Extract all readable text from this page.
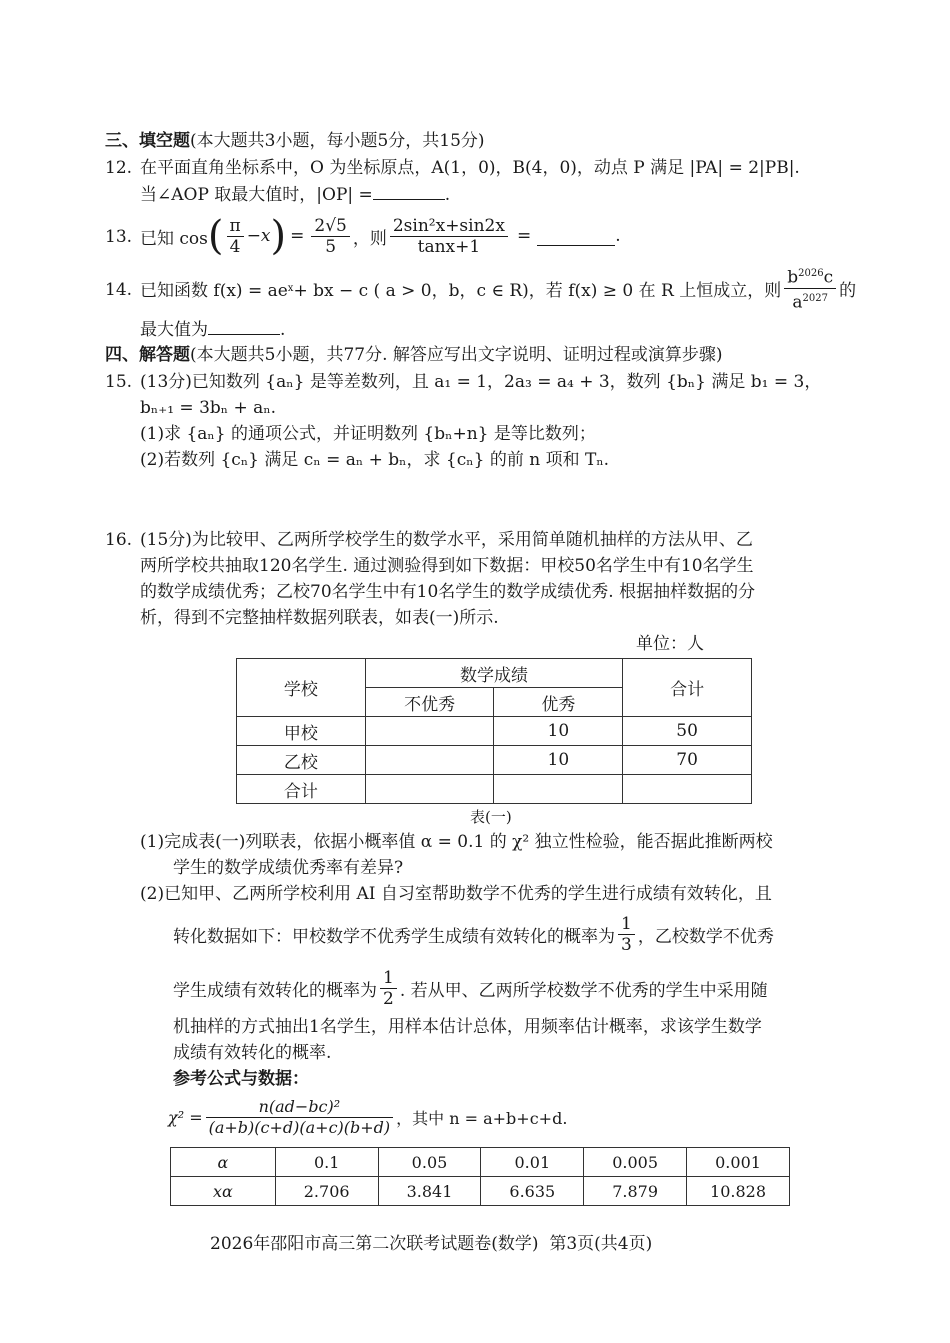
三、填空题(本大题共3小题，每小题5分，共15分)
12. 在平面直角坐标系中，O 为坐标原点，A(1，0)，B(4，0)，动点 P 满足 |PA| = 2|PB|.
当∠AOP 取最大值时，|OP| =	.
13. 已知 cos ( $\frac{\pi}{4} -x$ ) = $\frac{2√5}{5}$ ，则 $\frac{\text{2sin²x+sin2x}}{\tan x+1}$ =	.
14. 已知函数 f(x) = ae x + bx − c ( a > 0，b，c ∈ R)，若 f(x) ≥ 0 在 R 上恒成立，则 $\frac{b^{2026}c}{a^{2027}}$ 的
最大值为	.
四、解答题(本大题共5小题，共77分. 解答应写出文字说明、证明过程或演算步骤)
15. (13分)已知数列 {aₙ} 是等差数列，且 a₁ = 1，2a₃ = a₄ + 3，数列 {bₙ} 满足 b₁ = 3，
bₙ₊₁ = 3bₙ + aₙ.
(1)求 {aₙ} 的通项公式，并证明数列 {bₙ+n} 是等比数列；
(2)若数列 {cₙ} 满足 cₙ = aₙ + bₙ，求 {cₙ} 的前 n 项和 Tₙ.
16. (15分)为比较甲、乙两所学校学生的数学水平，采用简单随机抽样的方法从甲、乙
两所学校共抽取120名学生. 通过测验得到如下数据：甲校50名学生中有10名学生
的数学成绩优秀；乙校70名学生中有10名学生的数学成绩优秀. 根据抽样数据的分
析，得到不完整抽样数据列联表，如表(一)所示.
单位：人
学校	数学成绩		合计
	不优秀	优秀	
甲校		10	50
乙校		10	70
合计			
表(一)
(1)完成表(一)列联表，依据小概率值 α = 0.1 的 χ² 独立性检验，能否据此推断两校
学生的数学成绩优秀率有差异?
(2)已知甲、乙两所学校利用 AI 自习室帮助数学不优秀的学生进行成绩有效转化，且
转化数据如下：甲校数学不优秀学生成绩有效转化的概率为 $\frac{1}{3}$ ，乙校数学不优秀
学生成绩有效转化的概率为 $\frac{1}{2}$ . 若从甲、乙两所学校数学不优秀的学生中采用随
机抽样的方式抽出1名学生，用样本估计总体，用频率估计概率，求该学生数学
成绩有效转化的概率.
参考公式与数据：
$\chi^2 = \frac{\text{n(ad−bc)²}}{(a+b)(c+d)(a+c)(b+d)}$ ，其中 n = a+b+c+d.
α	0.1	0.05	0.01	0.005	0.001
xα	2.706	3.841	6.635	7.879	10.828
2026年邵阳市高三第二次联考试题卷(数学)  第3页(共4页)
